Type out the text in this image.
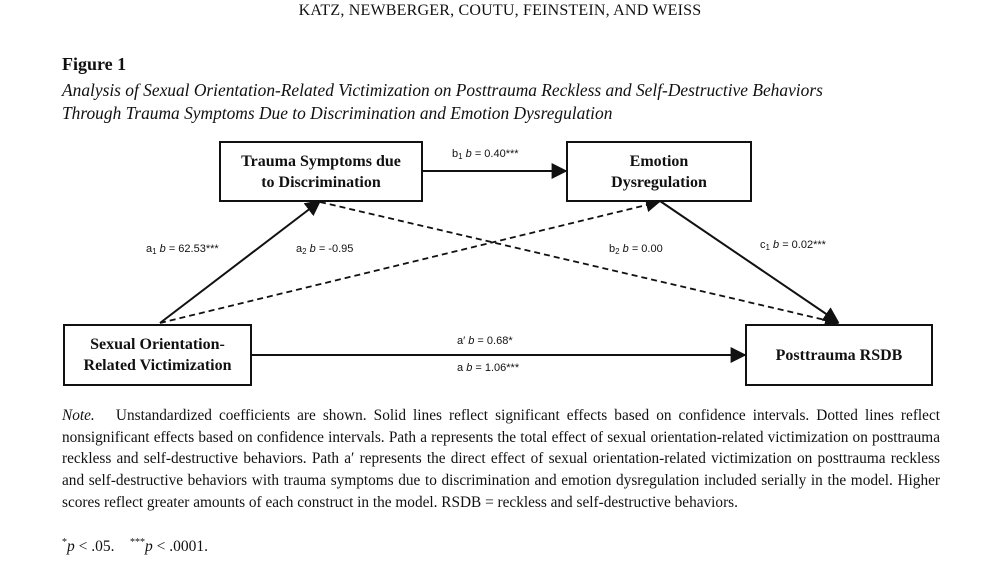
KATZ, NEWBERGER, COUTU, FEINSTEIN, AND WEISS
Figure 1
Analysis of Sexual Orientation-Related Victimization on Posttrauma Reckless and Self-Destructive Behaviors
Through Trauma Symptoms Due to Discrimination and Emotion Dysregulation
Trauma Symptoms due
to Discrimination
Emotion
Dysregulation
Sexual Orientation-
Related Victimization
Posttrauma RSDB
$b_1$ b = 0.40***
$a_1$ b = 62.53***	$a_2$ b = -0.95	$b_2$ b = 0.00	$c_1$ b = 0.02***
a′ b = 0.68*
a b = 1.06***
Note. Unstandardized coefficients are shown. Solid lines reflect significant effects based on confidence intervals. Dotted lines reflect nonsignificant effects based on confidence intervals. Path a represents the total effect of sexual orientation-related victimization on posttrauma reckless and self-destructive behaviors. Path a′ represents the direct effect of sexual orientation-related victimization on posttrauma reckless and self-destructive behaviors with trauma symptoms due to discrimination and emotion dysregulation included serially in the model. Higher scores reflect greater amounts of each construct in the model. RSDB = reckless and self-destructive behaviors.
*p < .05. ***p < .0001.
